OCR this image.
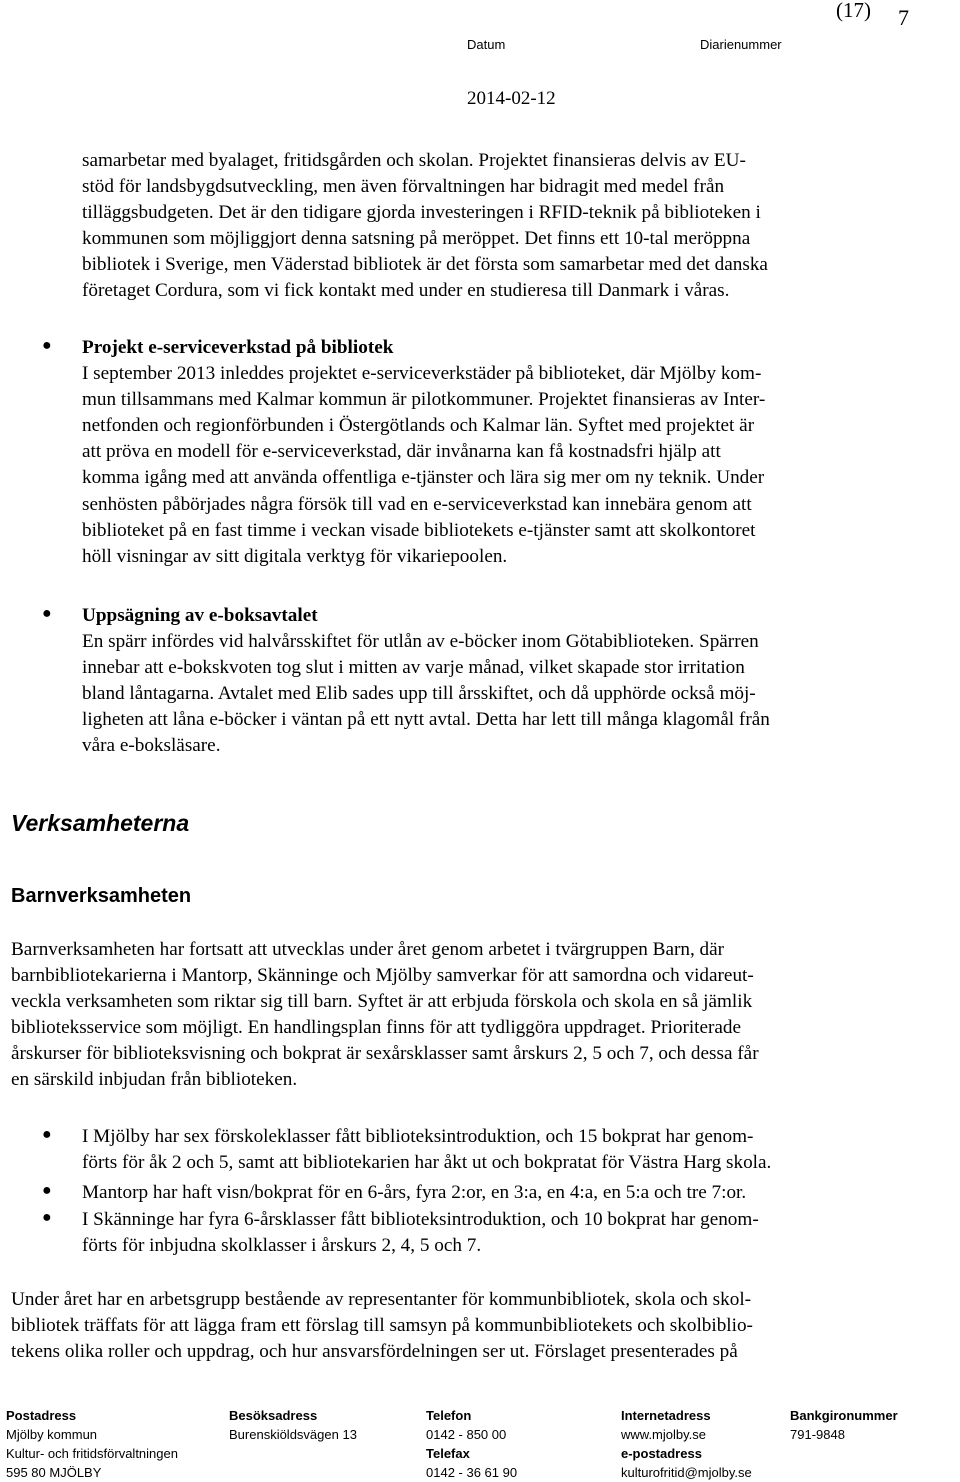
(17) 7
Datum	Diarienummer
2014-02-12
samarbetar med byalaget, fritidsgården och skolan. Projektet finansieras delvis av EU-
stöd för landsbygdsutveckling, men även förvaltningen har bidragit med medel från
tilläggsbudgeten. Det är den tidigare gjorda investeringen i RFID-teknik på biblioteken i
kommunen som möjliggjort denna satsning på meröppet. Det finns ett 10-tal meröppna
bibliotek i Sverige, men Väderstad bibliotek är det första som samarbetar med det danska
företaget Cordura, som vi fick kontakt med under en studieresa till Danmark i våras.
● Projekt e-serviceverkstad på bibliotek
I september 2013 inleddes projektet e-serviceverkstäder på biblioteket, där Mjölby kom-
mun tillsammans med Kalmar kommun är pilotkommuner. Projektet finansieras av Inter-
netfonden och regionförbunden i Östergötlands och Kalmar län. Syftet med projektet är
att pröva en modell för e-serviceverkstad, där invånarna kan få kostnadsfri hjälp att
komma igång med att använda offentliga e-tjänster och lära sig mer om ny teknik. Under
senhösten påbörjades några försök till vad en e-serviceverkstad kan innebära genom att
biblioteket på en fast timme i veckan visade bibliotekets e-tjänster samt att skolkontoret
höll visningar av sitt digitala verktyg för vikariepoolen.
● Uppsägning av e-boksavtalet
En spärr infördes vid halvårsskiftet för utlån av e-böcker inom Götabiblioteken. Spärren
innebar att e-bokskvoten tog slut i mitten av varje månad, vilket skapade stor irritation
bland låntagarna. Avtalet med Elib sades upp till årsskiftet, och då upphörde också möj-
ligheten att låna e-böcker i väntan på ett nytt avtal. Detta har lett till många klagomål från
våra e-boksläsare.
Verksamheterna
Barnverksamheten
Barnverksamheten har fortsatt att utvecklas under året genom arbetet i tvärgruppen Barn, där
barnbibliotekarierna i Mantorp, Skänninge och Mjölby samverkar för att samordna och vidareut-
veckla verksamheten som riktar sig till barn. Syftet är att erbjuda förskola och skola en så jämlik
biblioteksservice som möjligt. En handlingsplan finns för att tydliggöra uppdraget. Prioriterade
årskurser för biblioteksvisning och bokprat är sexårsklasser samt årskurs 2, 5 och 7, och dessa får
en särskild inbjudan från biblioteken.
● I Mjölby har sex förskoleklasser fått biblioteksintroduktion, och 15 bokprat har genom-
förts för åk 2 och 5, samt att bibliotekarien har åkt ut och bokpratat för Västra Harg skola.
● Mantorp har haft visn/bokprat för en 6-års, fyra 2:or, en 3:a, en 4:a, en 5:a och tre 7:or.
● I Skänninge har fyra 6-årsklasser fått biblioteksintroduktion, och 10 bokprat har genom-
förts för inbjudna skolklasser i årskurs 2, 4, 5 och 7.
Under året har en arbetsgrupp bestående av representanter för kommunbibliotek, skola och skol-
bibliotek träffats för att lägga fram ett förslag till samsyn på kommunbibliotekets och skolbiblio-
tekens olika roller och uppdrag, och hur ansvarsfördelningen ser ut. Förslaget presenterades på
Postadress
Mjölby kommun
Kultur- och fritidsförvaltningen
595 80 MJÖLBY
Besöksadress
Burenskiöldsvägen 13
Telefon
0142 - 850 00
Telefax
0142 - 36 61 90
Internetadress
www.mjolby.se
e-postadress
kulturofritid@mjolby.se
Bankgironummer
791-9848
